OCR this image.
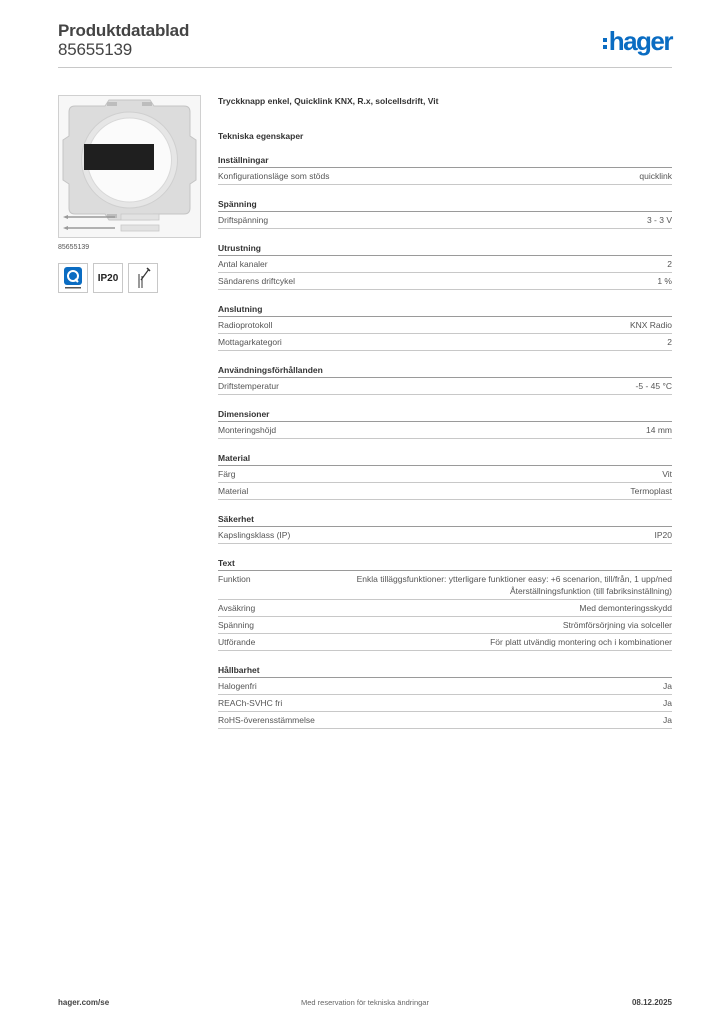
Produktdatablad
85655139	hager
85655139
IP20
Tryckknapp enkel, Quicklink KNX, R.x, solcellsdrift, Vit
Tekniska egenskaper
Inställningar
Konfigurationsläge som stöds	quicklink
Spänning
Driftspänning	3 - 3 V
Utrustning
Antal kanaler	2
Sändarens driftcykel	1 %
Anslutning
Radioprotokoll	KNX Radio
Mottagarkategori	2
Användningsförhållanden
Driftstemperatur	-5 - 45 °C
Dimensioner
Monteringshöjd	14 mm
Material
Färg	Vit
Material	Termoplast
Säkerhet
Kapslingsklass (IP)	IP20
Text
Funktion	Enkla tilläggsfunktioner: ytterligare funktioner easy: +6 scenarion, till/från, 1 upp/ned Återställningsfunktion (till fabriksinställning)
Avsäkring	Med demonteringsskydd
Spänning	Strömförsörjning via solceller
Utförande	För platt utvändig montering och i kombinationer
Hållbarhet
Halogenfri	Ja
REACh-SVHC fri	Ja
RoHS-överensstämmelse	Ja
Med reservation för tekniska ändringar
hager.com/se	08.12.2025
